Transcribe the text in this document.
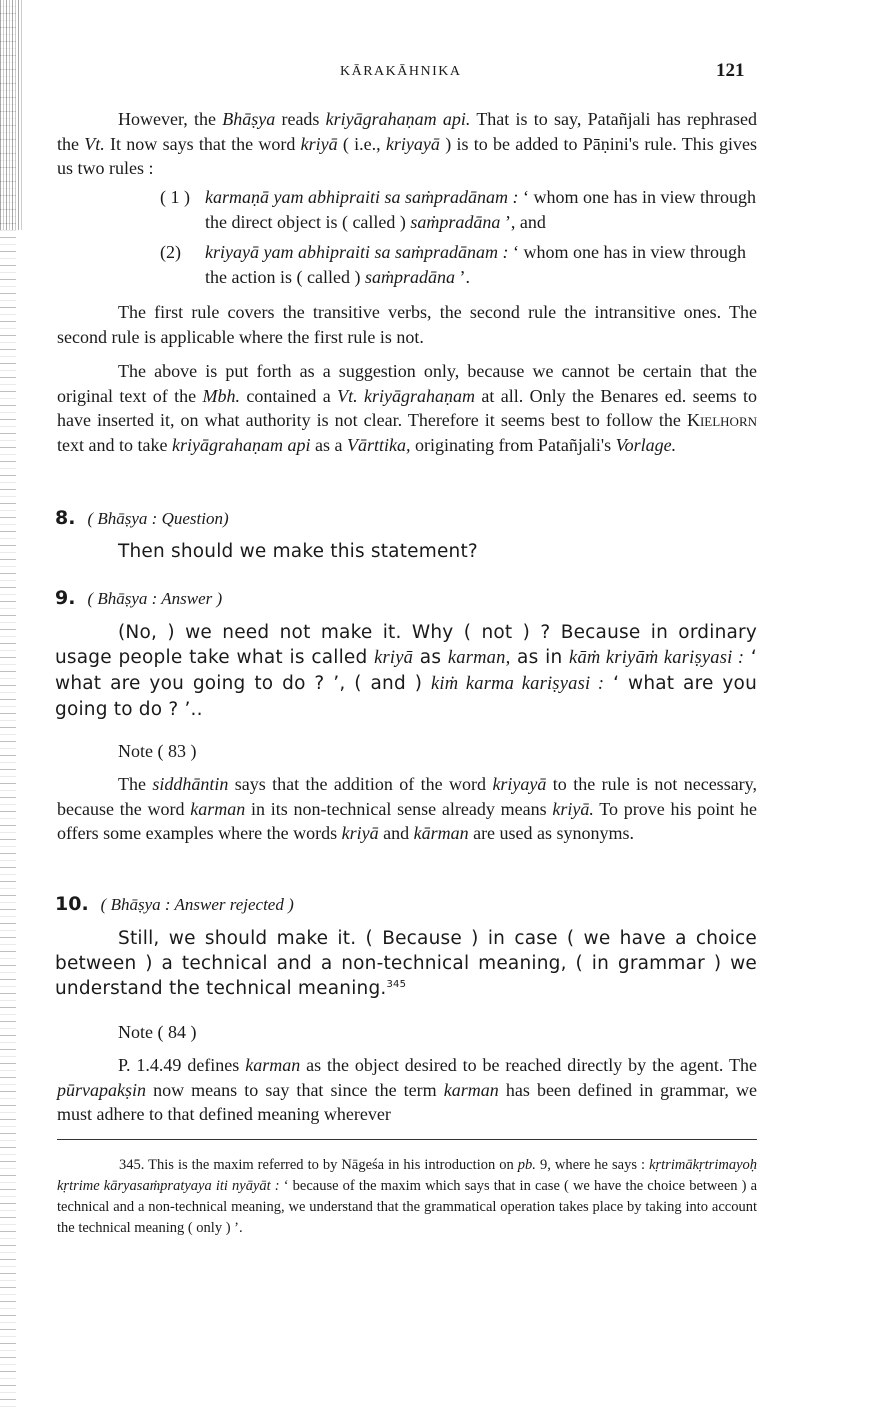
KĀRAKĀHNIKA	121

However, the Bhāṣya reads kriyāgrahaṇam api. That is to say, Patañjali has rephrased the Vt. It now says that the word kriyā ( i.e., kriyayā ) is to be added to Pāṇini's rule. This gives us two rules :

( 1 ) karmaṇā yam abhipraiti sa saṁpradānam : ‘ whom one has in view through the direct object is ( called ) saṁpradāna ’, and
(2) kriyayā yam abhipraiti sa saṁpradānam : ‘ whom one has in view through the action is ( called ) saṁpradāna ’.

The first rule covers the transitive verbs, the second rule the intransitive ones. The second rule is applicable where the first rule is not.

The above is put forth as a suggestion only, because we cannot be certain that the original text of the Mbh. contained a Vt. kriyāgrahaṇam at all. Only the Benares ed. seems to have inserted it, on what authority is not clear. Therefore it seems best to follow the Kielhorn text and to take kriyāgrahaṇam api as a Vārttika, originating from Patañjali's Vorlage.

8. ( Bhāṣya : Question)

Then should we make this statement?

9. ( Bhāṣya : Answer )

(No, ) we need not make it. Why ( not ) ? Because in ordinary usage people take what is called kriyā as karman, as in kāṁ kriyāṁ kariṣyasi : ‘ what are you going to do ? ’, ( and ) kiṁ karma kariṣyasi : ‘ what are you going to do ? ’..

Note ( 83 )

The siddhāntin says that the addition of the word kriyayā to the rule is not necessary, because the word karman in its non-technical sense already means kriyā. To prove his point he offers some examples where the words kriyā and kārman are used as synonyms.

10. ( Bhāṣya : Answer rejected )

Still, we should make it. ( Because ) in case ( we have a choice between ) a technical and a non-technical meaning, ( in grammar ) we understand the technical meaning.$^{345}$

Note ( 84 )

P. 1.4.49 defines karman as the object desired to be reached directly by the agent. The pūrvapakṣin now means to say that since the term karman has been defined in grammar, we must adhere to that defined meaning wherever

345. This is the maxim referred to by Nāgeśa in his introduction on pb. 9, where he says : kṛtrimākṛtrimayoḥ kṛtrime kāryasaṁpratyaya iti nyāyāt : ‘ because of the maxim which says that in case ( we have the choice between ) a technical and a non-technical meaning, we understand that the grammatical operation takes place by taking into account the technical meaning ( only ) ’.
